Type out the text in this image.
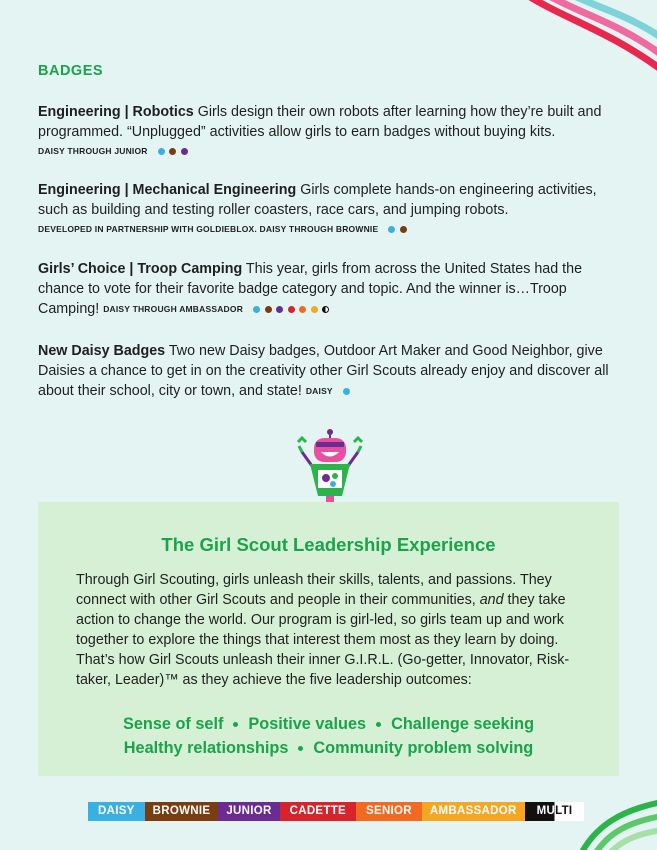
BADGES
Engineering | Robotics Girls design their own robots after learning how they’re built and programmed. “Unplugged” activities allow girls to earn badges without buying kits.
DAISY THROUGH JUNIOR
Engineering | Mechanical Engineering Girls complete hands-on engineering activities, such as building and testing roller coasters, race cars, and jumping robots.
DEVELOPED IN PARTNERSHIP WITH GOLDIEBLOX. DAISY THROUGH BROWNIE
Girls’ Choice | Troop Camping This year, girls from across the United States had the chance to vote for their favorite badge category and topic. And the winner is…Troop Camping! DAISY THROUGH AMBASSADOR
New Daisy Badges Two new Daisy badges, Outdoor Art Maker and Good Neighbor, give Daisies a chance to get in on the creativity other Girl Scouts already enjoy and discover all about their school, city or town, and state! DAISY
The Girl Scout Leadership Experience
Through Girl Scouting, girls unleash their skills, talents, and passions. They connect with other Girl Scouts and people in their communities, and they take action to change the world. Our program is girl-led, so girls team up and work together to explore the things that interest them most as they learn by doing. That’s how Girl Scouts unleash their inner G.I.R.L. (Go-getter, Innovator, Risk-taker, Leader)™ as they achieve the five leadership outcomes:
Sense of self Positive values Challenge seeking
Healthy relationships Community problem solving
DAISY	BROWNIE	JUNIOR	CADETTE	SENIOR	AMBASSADOR	MULTI
